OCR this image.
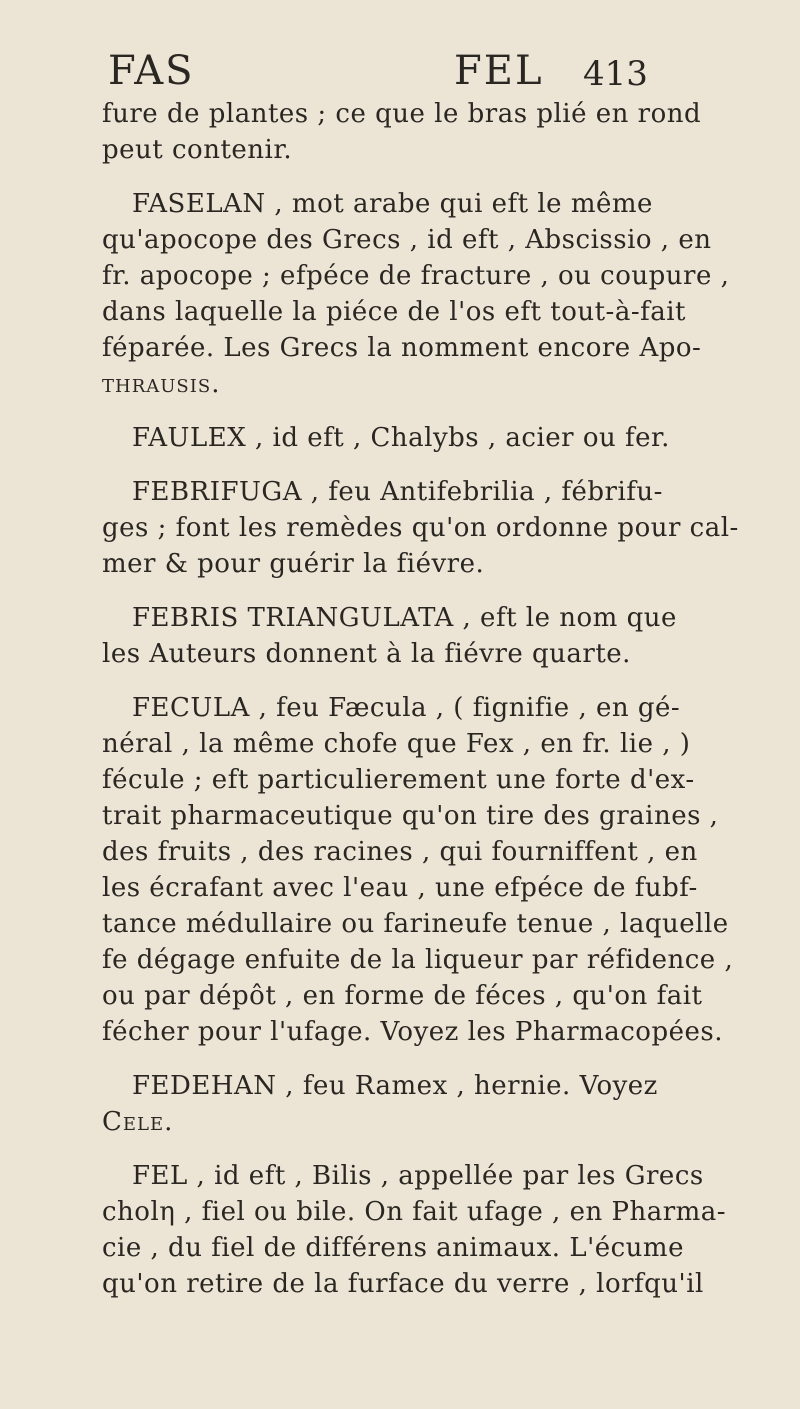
FAS	FEL 413
fure de plantes ; ce que le bras plié en rond
peut contenir.
FASELAN , mot arabe qui eft le même
qu'apocope des Grecs , id eft , Abscissio , en
fr. apocope ; efpéce de fracture , ou coupure ,
dans laquelle la piéce de l'os eft tout-à-fait
féparée. Les Grecs la nomment encore Apo-
thrausis.
FAULEX , id eft , Chalybs , acier ou fer.
FEBRIFUGA , feu Antifebrilia , fébrifu-
ges ; font les remèdes qu'on ordonne pour cal-
mer & pour guérir la fiévre.
FEBRIS TRIANGULATA , eft le nom que
les Auteurs donnent à la fiévre quarte.
FECULA , feu Fæcula , ( fignifie , en gé-
néral , la même chofe que Fex , en fr. lie , )
fécule ; eft particulierement une forte d'ex-
trait pharmaceutique qu'on tire des graines ,
des fruits , des racines , qui fourniffent , en
les écrafant avec l'eau , une efpéce de fubf-
tance médullaire ou farineufe tenue , laquelle
fe dégage enfuite de la liqueur par réfidence ,
ou par dépôt , en forme de féces , qu'on fait
fécher pour l'ufage. Voyez les Pharmacopées.
FEDEHAN , feu Ramex , hernie. Voyez
Cele.
FEL , id eft , Bilis , appellée par les Grecs
cholη , fiel ou bile. On fait ufage , en Pharma-
cie , du fiel de différens animaux. L'écume
qu'on retire de la furface du verre , lorfqu'il
